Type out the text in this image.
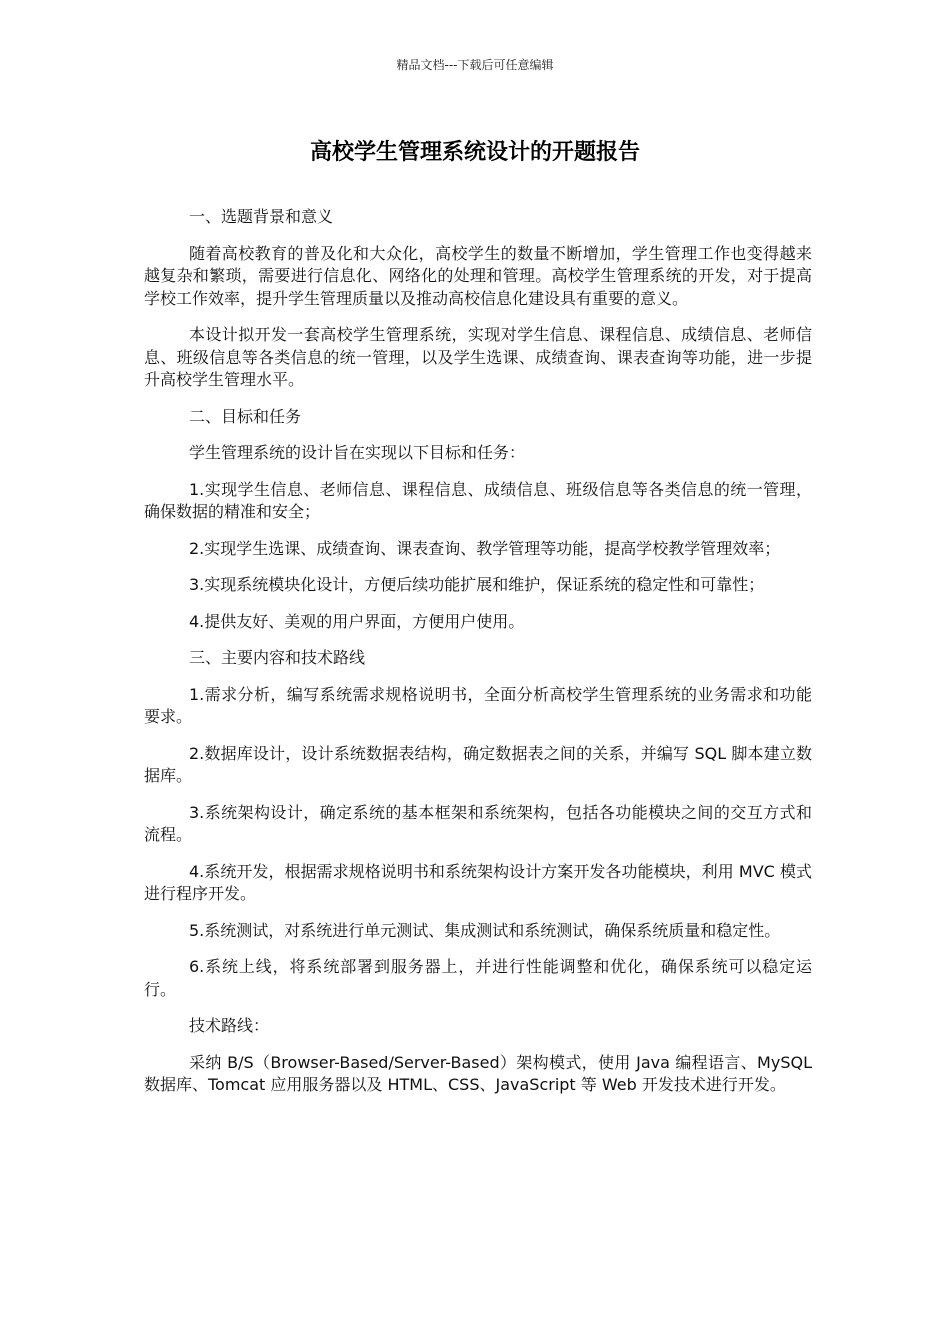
精品文档---下载后可任意编辑
高校学生管理系统设计的开题报告

一、选题背景和意义

随着高校教育的普及化和大众化，高校学生的数量不断增加，学生管理工作也变得越来越复杂和繁琐，需要进行信息化、网络化的处理和管理。高校学生管理系统的开发，对于提高学校工作效率，提升学生管理质量以及推动高校信息化建设具有重要的意义。

本设计拟开发一套高校学生管理系统，实现对学生信息、课程信息、成绩信息、老师信息、班级信息等各类信息的统一管理，以及学生选课、成绩查询、课表查询等功能，进一步提升高校学生管理水平。

二、目标和任务

学生管理系统的设计旨在实现以下目标和任务：

1.实现学生信息、老师信息、课程信息、成绩信息、班级信息等各类信息的统一管理，确保数据的精准和安全；

2.实现学生选课、成绩查询、课表查询、教学管理等功能，提高学校教学管理效率；

3.实现系统模块化设计，方便后续功能扩展和维护，保证系统的稳定性和可靠性；

4.提供友好、美观的用户界面，方便用户使用。

三、主要内容和技术路线

1.需求分析，编写系统需求规格说明书，全面分析高校学生管理系统的业务需求和功能要求。

2.数据库设计，设计系统数据表结构，确定数据表之间的关系，并编写 SQL 脚本建立数据库。

3.系统架构设计，确定系统的基本框架和系统架构，包括各功能模块之间的交互方式和流程。

4.系统开发，根据需求规格说明书和系统架构设计方案开发各功能模块，利用 MVC 模式进行程序开发。

5.系统测试，对系统进行单元测试、集成测试和系统测试，确保系统质量和稳定性。

6.系统上线，将系统部署到服务器上，并进行性能调整和优化，确保系统可以稳定运行。

技术路线：

采纳 B/S（Browser-Based/Server-Based）架构模式，使用 Java 编程语言、MySQL 数据库、Tomcat 应用服务器以及 HTML、CSS、JavaScript 等 Web 开发技术进行开发。
